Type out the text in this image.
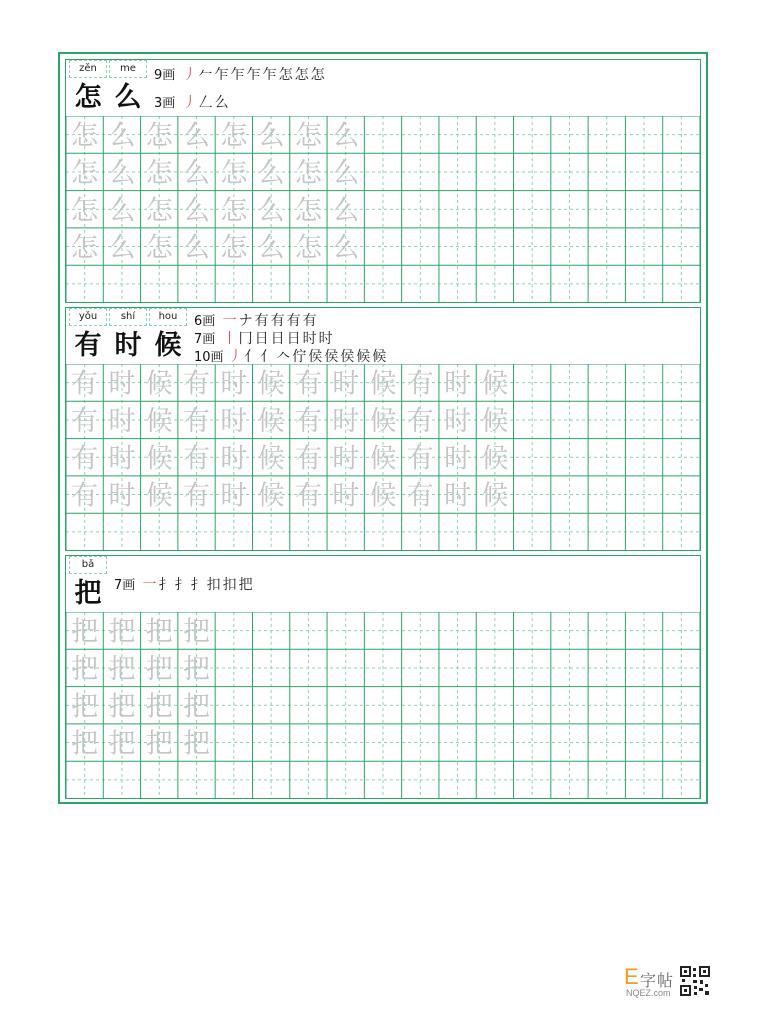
zěn	me
怎 么
9画 丿𠂉乍乍乍乍怎怎怎
3画 丿𠃋么
怎 么 怎 么 怎 么 怎 么
怎 么 怎 么 怎 么 怎 么
怎 么 怎 么 怎 么 怎 么
怎 么 怎 么 怎 么 怎 么
yǒu	shí	hou
有 时 候
6画 一ナ有有有有
7画 丨冂日日日时时
10画 丿亻亻𠆢佇侯侯侯候候
有 时 候 有 时 候 有 时 候 有 时 候
有 时 候 有 时 候 有 时 候 有 时 候
有 时 候 有 时 候 有 时 候 有 时 候
有 时 候 有 时 候 有 时 候 有 时 候
bǎ
把 7画 一扌扌扌扣扣把
把 把 把 把
把 把 把 把
把 把 把 把
把 把 把 把
E 字帖
NQEZ.com
